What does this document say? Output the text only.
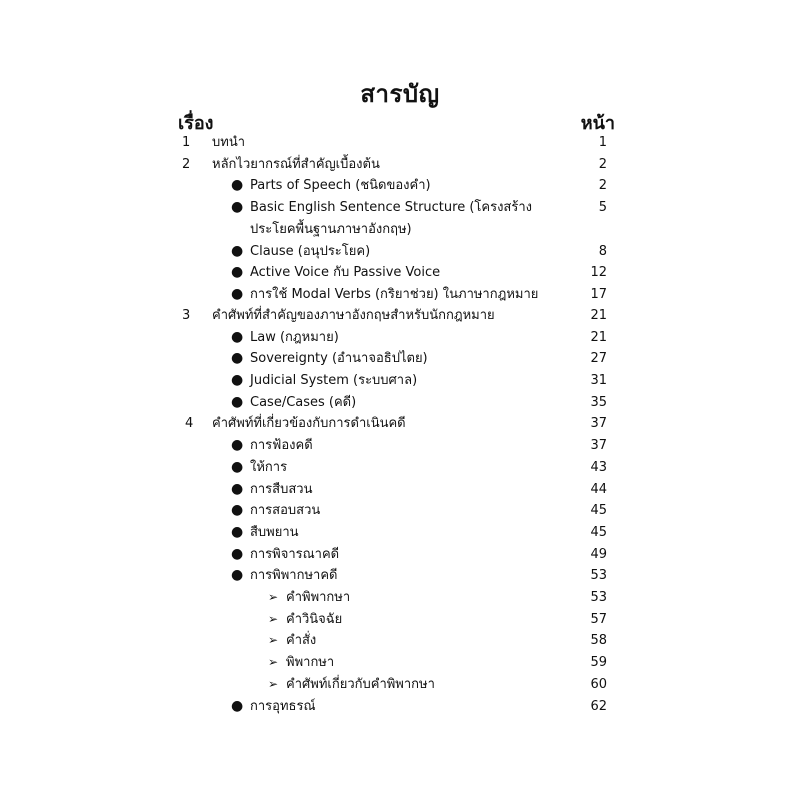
สารบัญ
เรื่อง	หน้า
1	บทนำ	1
2	หลักไวยากรณ์ที่สำคัญเบื้องต้น	2
● Parts of Speech (ชนิดของคำ)	2
● Basic English Sentence Structure (โครงสร้าง	5
ประโยคพื้นฐานภาษาอังกฤษ)
● Clause (อนุประโยค)	8
● Active Voice กับ Passive Voice	12
● การใช้ Modal Verbs (กริยาช่วย) ในภาษากฎหมาย	17
3	คำศัพท์ที่สำคัญของภาษาอังกฤษสำหรับนักกฎหมาย	21
● Law (กฎหมาย)	21
● Sovereignty (อำนาจอธิปไตย)	27
● Judicial System (ระบบศาล)	31
● Case/Cases (คดี)	35
4	คำศัพท์ที่เกี่ยวข้องกับการดำเนินคดี	37
● การฟ้องคดี	37
● ให้การ	43
● การสืบสวน	44
● การสอบสวน	45
● สืบพยาน	45
● การพิจารณาคดี	49
● การพิพากษาคดี	53
➢ คำพิพากษา	53
➢ คำวินิจฉัย	57
➢ คำสั่ง	58
➢ พิพากษา	59
➢ คำศัพท์เกี่ยวกับคำพิพากษา	60
● การอุทธรณ์	62
